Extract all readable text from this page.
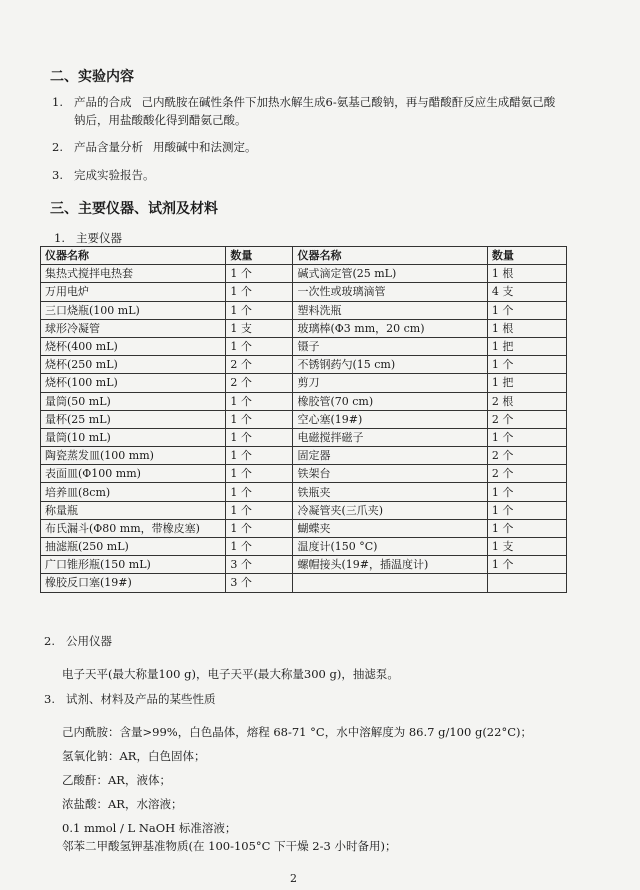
二、实验内容
1. 产品的合成 己内酰胺在碱性条件下加热水解生成6-氨基己酸钠，再与醋酸酐反应生成醋氨己酸
钠后，用盐酸酸化得到醋氨己酸。
2. 产品含量分析 用酸碱中和法测定。
3. 完成实验报告。
三、主要仪器、试剂及材料
1. 主要仪器
仪器名称	数量	仪器名称	数量
集热式搅拌电热套	1 个	碱式滴定管(25 mL)	1 根
万用电炉	1 个	一次性或玻璃滴管	4 支
三口烧瓶(100 mL)	1 个	塑料洗瓶	1 个
球形冷凝管	1 支	玻璃棒(Φ3 mm，20 cm)	1 根
烧杯(400 mL)	1 个	镊子	1 把
烧杯(250 mL)	2 个	不锈钢药勺(15 cm)	1 个
烧杯(100 mL)	2 个	剪刀	1 把
量筒(50 mL)	1 个	橡胶管(70 cm)	2 根
量杯(25 mL)	1 个	空心塞(19#)	2 个
量筒(10 mL)	1 个	电磁搅拌磁子	1 个
陶瓷蒸发皿(100 mm)	1 个	固定器	2 个
表面皿(Φ100 mm)	1 个	铁架台	2 个
培养皿(8cm)	1 个	铁瓶夹	1 个
称量瓶	1 个	冷凝管夹(三爪夹)	1 个
布氏漏斗(Φ80 mm，带橡皮塞)	1 个	蝴蝶夹	1 个
抽滤瓶(250 mL)	1 个	温度计(150 °C)	1 支
广口锥形瓶(150 mL)	3 个	螺帽接头(19#，插温度计)	1 个
橡胶反口塞(19#)	3 个		
2. 公用仪器
电子天平(最大称量100 g)，电子天平(最大称量300 g)，抽滤泵。
3. 试剂、材料及产品的某些性质
己内酰胺：含量>99%，白色晶体，熔程 68-71 °C，水中溶解度为 86.7 g/100 g(22°C)；
氢氧化钠：AR，白色固体；
乙酸酐：AR，液体；
浓盐酸：AR，水溶液；
0.1 mmol / L NaOH 标准溶液；
邻苯二甲酸氢钾基准物质(在 100-105°C 下干燥 2-3 小时备用)；
2
